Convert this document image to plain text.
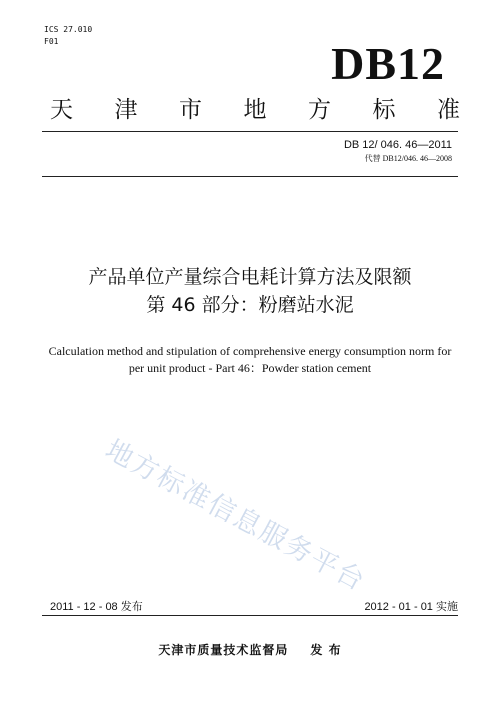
ICS 27.010
F01	DB12
天 津 市 地 方 标 准
DB 12/ 046. 46—2011
代替 DB12/046. 46—2008
产品单位产量综合电耗计算方法及限额
第 46 部分：粉磨站水泥
Calculation method and stipulation of comprehensive energy consumption norm for
per unit product - Part 46：Powder station cement
地方标准信息服务平台
2011 - 12 - 08 发布	2012 - 01 - 01 实施
天津市质量技术监督局 发 布
